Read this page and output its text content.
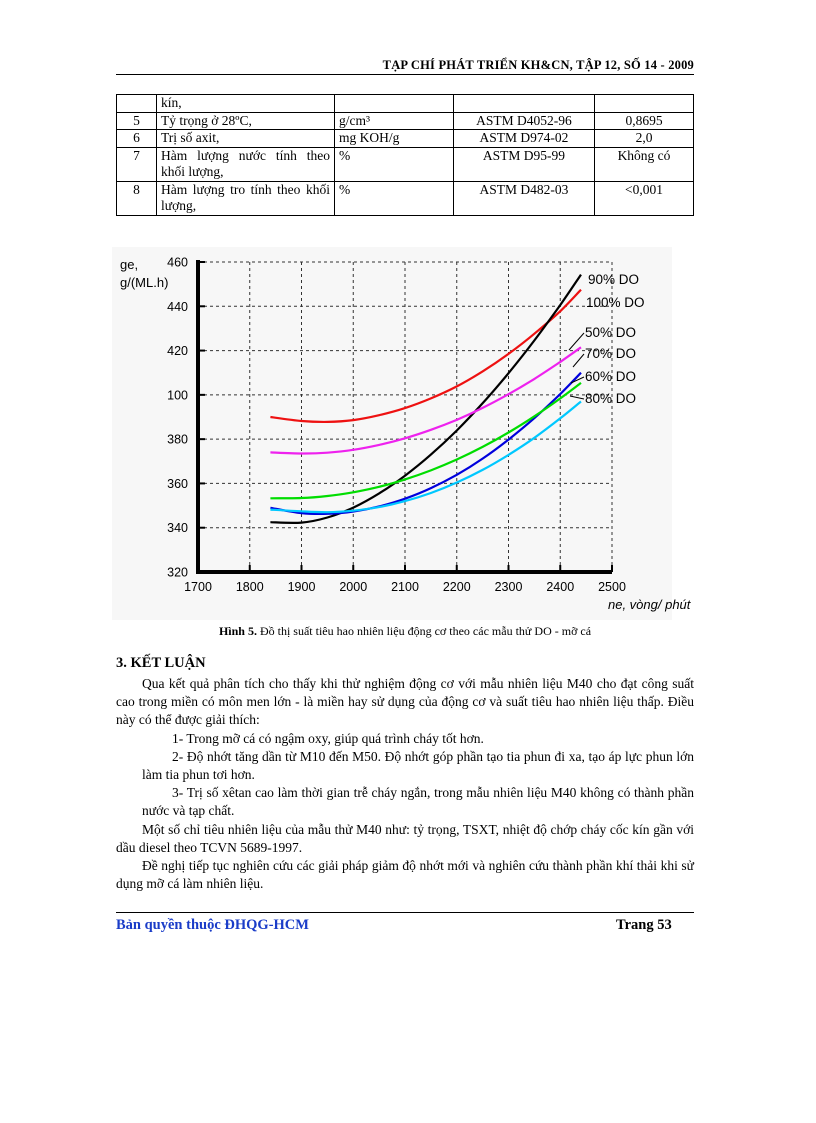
TẠP CHÍ PHÁT TRIỂN KH&CN, TẬP 12, SỐ 14 - 2009
	kín,			
5	Tỷ trọng ở 28ºC,	g/cm³	ASTM D4052-96	0,8695
6	Trị số axit,	mg KOH/g	ASTM D974-02	2,0
7	Hàm lượng nước tính theo khối lượng,	%	ASTM D95-99	Không có
8	Hàm lượng tro tính theo khối lượng,	%	ASTM D482-03	<0,001
ge,
g/(ML.h)
ne, vòng/ phút
1700 1800 1900 2000 2100 2200 2300 2400 2500
320
340
360
380
100
420
440
460
90% DO
100% DO
50% DO
70% DO
60% DO
80% DO
Hình 5. Đồ thị suất tiêu hao nhiên liệu động cơ theo các mẫu thử DO - mỡ cá
3. KẾT LUẬN

Qua kết quả phân tích cho thấy khi thử nghiệm động cơ với mẫu nhiên liệu M40 cho đạt công suất cao trong miền có môn men lớn - là miền hay sử dụng của động cơ và suất tiêu hao nhiên liệu thấp. Điều này có thể được giải thích:

1- Trong mỡ cá có ngậm oxy, giúp quá trình cháy tốt hơn.

2- Độ nhớt tăng dần từ M10 đến M50. Độ nhớt góp phần tạo tia phun đi xa, tạo áp lực phun lớn làm tia phun tơi hơn.

3- Trị số xêtan cao làm thời gian trễ cháy ngắn, trong mẫu nhiên liệu M40 không có thành phần nước và tạp chất.

Một số chỉ tiêu nhiên liệu của mẫu thử M40 như: tỷ trọng, TSXT, nhiệt độ chớp cháy cốc kín gần với dầu diesel theo TCVN 5689-1997.

Đề nghị tiếp tục nghiên cứu các giải pháp giảm độ nhớt mới và nghiên cứu thành phần khí thải khi sử dụng mỡ cá làm nhiên liệu.

Bản quyền thuộc ĐHQG-HCM	Trang 53
